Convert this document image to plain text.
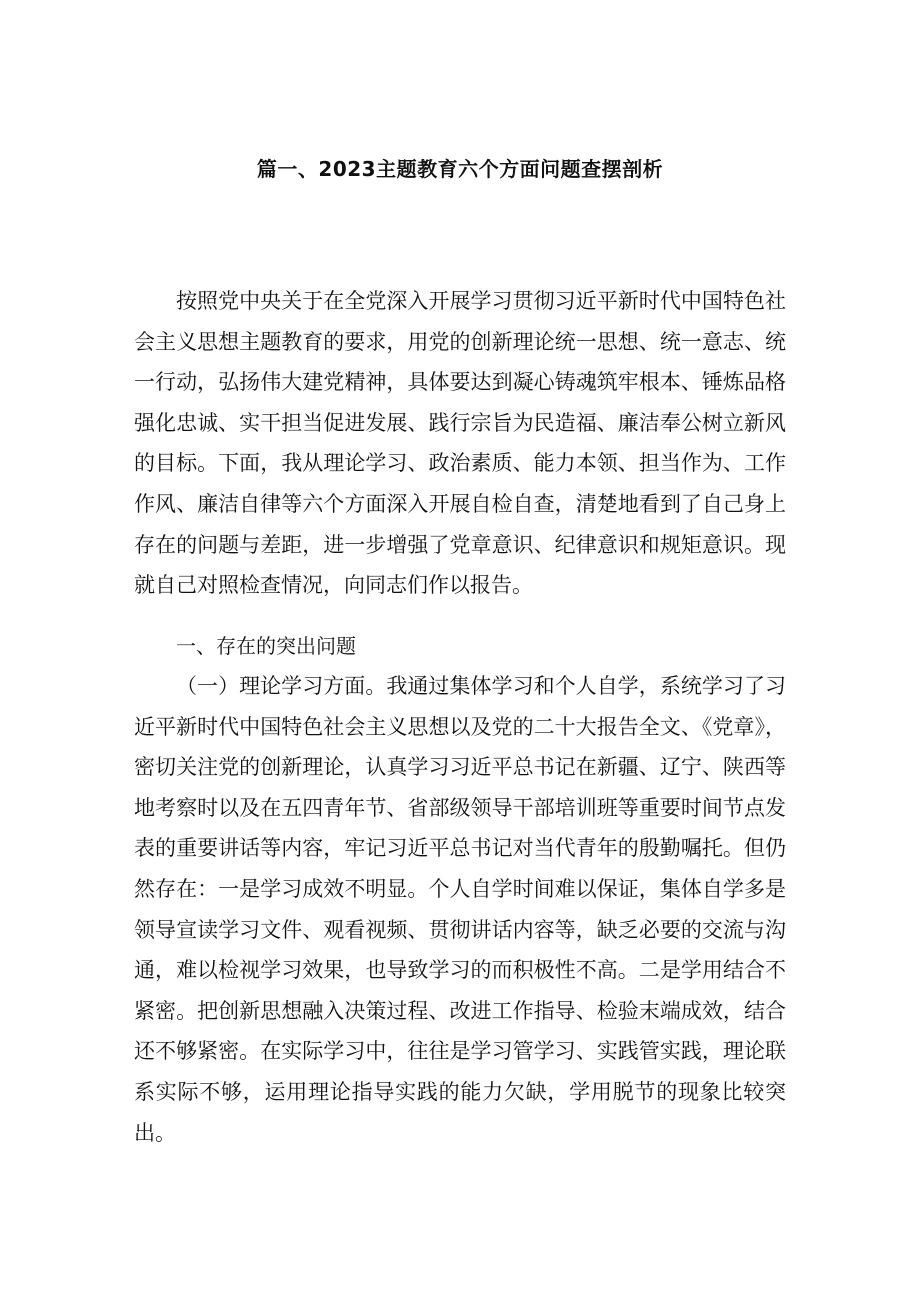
篇一、2023主题教育六个方面问题查摆剖析

按照党中央关于在全党深入开展学习贯彻习近平新时代中国特色社会主义思想主题教育的要求，用党的创新理论统一思想、统一意志、统一行动，弘扬伟大建党精神，具体要达到凝心铸魂筑牢根本、锤炼品格强化忠诚、实干担当促进发展、践行宗旨为民造福、廉洁奉公树立新风的目标。下面，我从理论学习、政治素质、能力本领、担当作为、工作作风、廉洁自律等六个方面深入开展自检自查，清楚地看到了自己身上存在的问题与差距，进一步增强了党章意识、纪律意识和规矩意识。现就自己对照检查情况，向同志们作以报告。

一、存在的突出问题

（一）理论学习方面。我通过集体学习和个人自学，系统学习了习近平新时代中国特色社会主义思想以及党的二十大报告全文、《党章》，密切关注党的创新理论，认真学习习近平总书记在新疆、辽宁、陕西等地考察时以及在五四青年节、省部级领导干部培训班等重要时间节点发表的重要讲话等内容，牢记习近平总书记对当代青年的殷勤嘱托。但仍然存在：一是学习成效不明显。个人自学时间难以保证，集体自学多是领导宣读学习文件、观看视频、贯彻讲话内容等，缺乏必要的交流与沟通，难以检视学习效果，也导致学习的而积极性不高。二是学用结合不紧密。把创新思想融入决策过程、改进工作指导、检验末端成效，结合还不够紧密。在实际学习中，往往是学习管学习、实践管实践，理论联系实际不够，运用理论指导实践的能力欠缺，学用脱节的现象比较突出。
